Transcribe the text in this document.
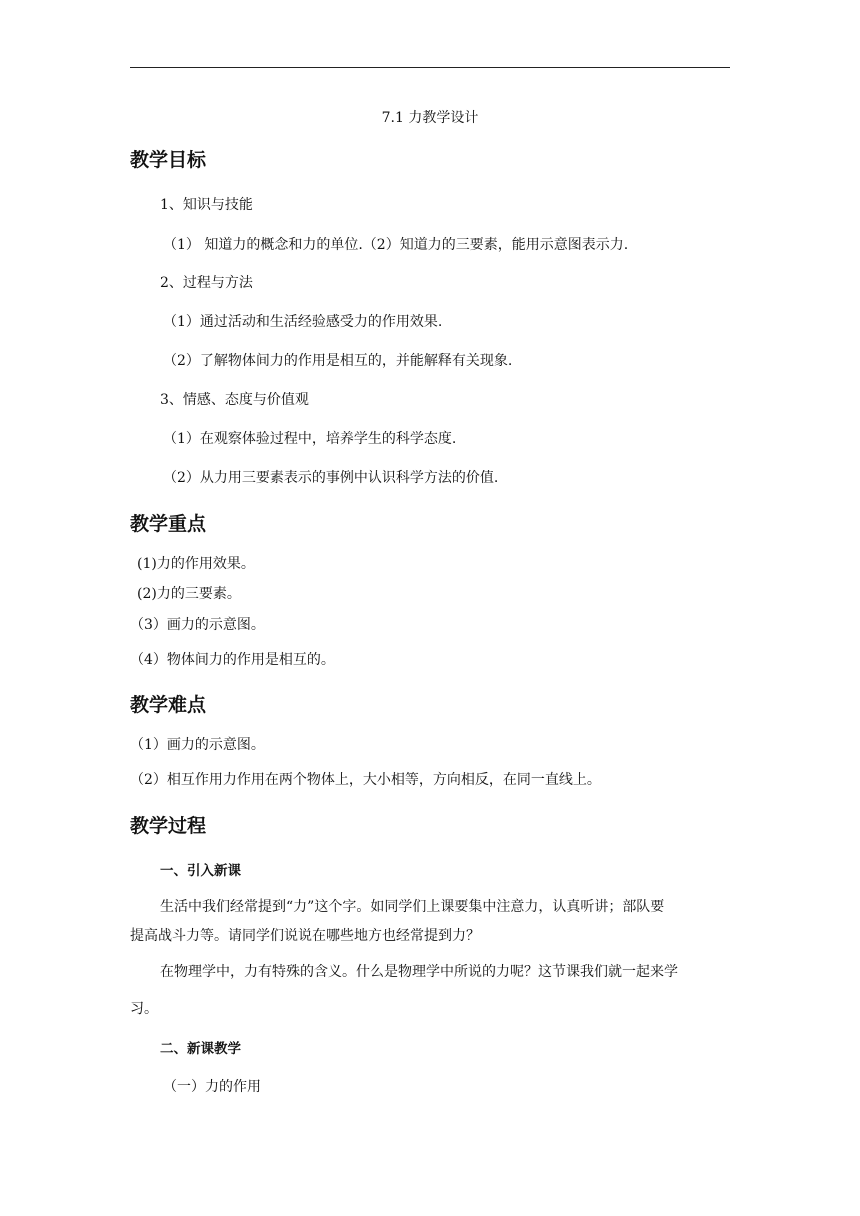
7.1 力教学设计
教学目标
1、知识与技能
（1） 知道力的概念和力的单位.（2）知道力的三要素，能用示意图表示力.
2、过程与方法
（1）通过活动和生活经验感受力的作用效果.
（2）了解物体间力的作用是相互的，并能解释有关现象.
3、情感、态度与价值观
（1）在观察体验过程中，培养学生的科学态度.
（2）从力用三要素表示的事例中认识科学方法的价值.
教学重点
(1)力的作用效果。
(2)力的三要素。
（3）画力的示意图。
（4）物体间力的作用是相互的。
教学难点
（1）画力的示意图。
（2）相互作用力作用在两个物体上，大小相等，方向相反，在同一直线上。
教学过程
一、引入新课
生活中我们经常提到“力”这个字。如同学们上课要集中注意力，认真听讲；部队要
提高战斗力等。请同学们说说在哪些地方也经常提到力？
在物理学中，力有特殊的含义。什么是物理学中所说的力呢？这节课我们就一起来学
习。
二、新课教学
（一）力的作用
